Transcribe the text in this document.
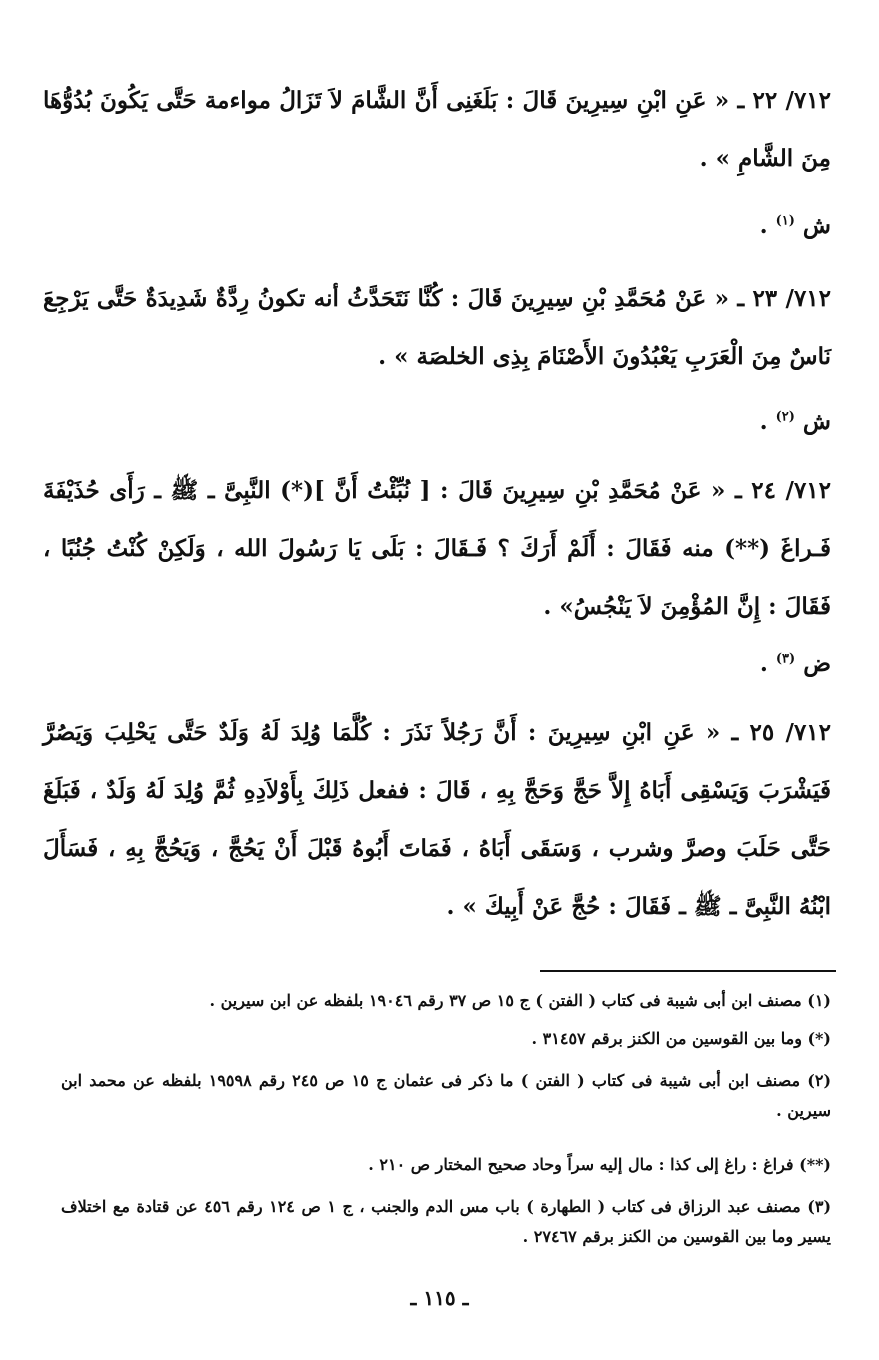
٧١٢/ ٢٢ ـ « عَنِ ابْنِ سِيرِينَ قَالَ : بَلَغَنِى أَنَّ الشَّامَ لاَ تَزَالُ مواءمة حَتَّى يَكُونَ بُدُوُّهَا مِنَ الشَّامِ » .
ش $^{(١)}$ .
٧١٢/ ٢٣ ـ « عَنْ مُحَمَّدِ بْنِ سِيرِينَ قَالَ : كُنَّا نَتَحَدَّثُ أنه تكونُ رِدَّةٌ شَدِيدَةٌ حَتَّى يَرْجِعَ نَاسٌ مِنَ الْعَرَبِ يَعْبُدُونَ الأَصْنَامَ بِذِى الخلصَة » .
ش $^{(٢)}$ .
٧١٢/ ٢٤ ـ « عَنْ مُحَمَّدِ بْنِ سِيرِينَ قَالَ : [ نُبِّئْتُ أَنَّ ](*) النَّبِىَّ ـ ﷺ ـ رَأَى حُذَيْفَةَ فَـراغَ (**) منه فَقَالَ : أَلَمْ أَرَكَ ؟ فَـقَالَ : بَلَى يَا رَسُولَ الله ، وَلَكِنْ كُنْتُ جُنُبًا ، فَقَالَ : إِنَّ المُؤْمِنَ لاَ يَنْجُسُ» .
ض $^{(٣)}$ .
٧١٢/ ٢٥ ـ « عَنِ ابْنِ سِيرِينَ : أَنَّ رَجُلاً نَذَرَ : كُلَّمَا وُلِدَ لَهُ وَلَدٌ حَتَّى يَحْلِبَ وَيَصُرَّ فَيَشْرَبَ وَيَسْقِى أَبَاهُ إِلاَّ حَجَّ وَحَجَّ بِهِ ، قَالَ : ففعل ذَلِكَ بِأَوْلاَدِهِ ثُمَّ وُلِدَ لَهُ وَلَدٌ ، فَبَلَغَ حَتَّى حَلَبَ وصرَّ وشرب ، وَسَقَى أَبَاهُ ، فَمَاتَ أَبُوهُ قَبْلَ أَنْ يَحُجَّ ، وَيَحُجَّ بِهِ ، فَسَأَلَ ابْنُهُ النَّبِىَّ ـ ﷺ ـ فَقَالَ : حُجَّ عَنْ أَبِيكَ » .
(١) مصنف ابن أبى شيبة فى كتاب ( الفتن ) ج ١٥ ص ٣٧ رقم ١٩٠٤٦ بلفظه عن ابن سيرين .
(*) وما بين القوسين من الكنز برقم ٣١٤٥٧ .
(٢) مصنف ابن أبى شيبة فى كتاب ( الفتن ) ما ذكر فى عثمان ج ١٥ ص ٢٤٥ رقم ١٩٥٩٨ بلفظه عن محمد ابن سيرين .
(**) فراغ : راغ إلى كذا : مال إليه سراً وحاد صحيح المختار ص ٢١٠ .
(٣) مصنف عبد الرزاق فى كتاب ( الطهارة ) باب مس الدم والجنب ، ج ١ ص ١٢٤ رقم ٤٥٦ عن قتادة مع اختلاف يسير وما بين القوسين من الكنز برقم ٢٧٤٦٧ .
ـ ١١٥ ـ
